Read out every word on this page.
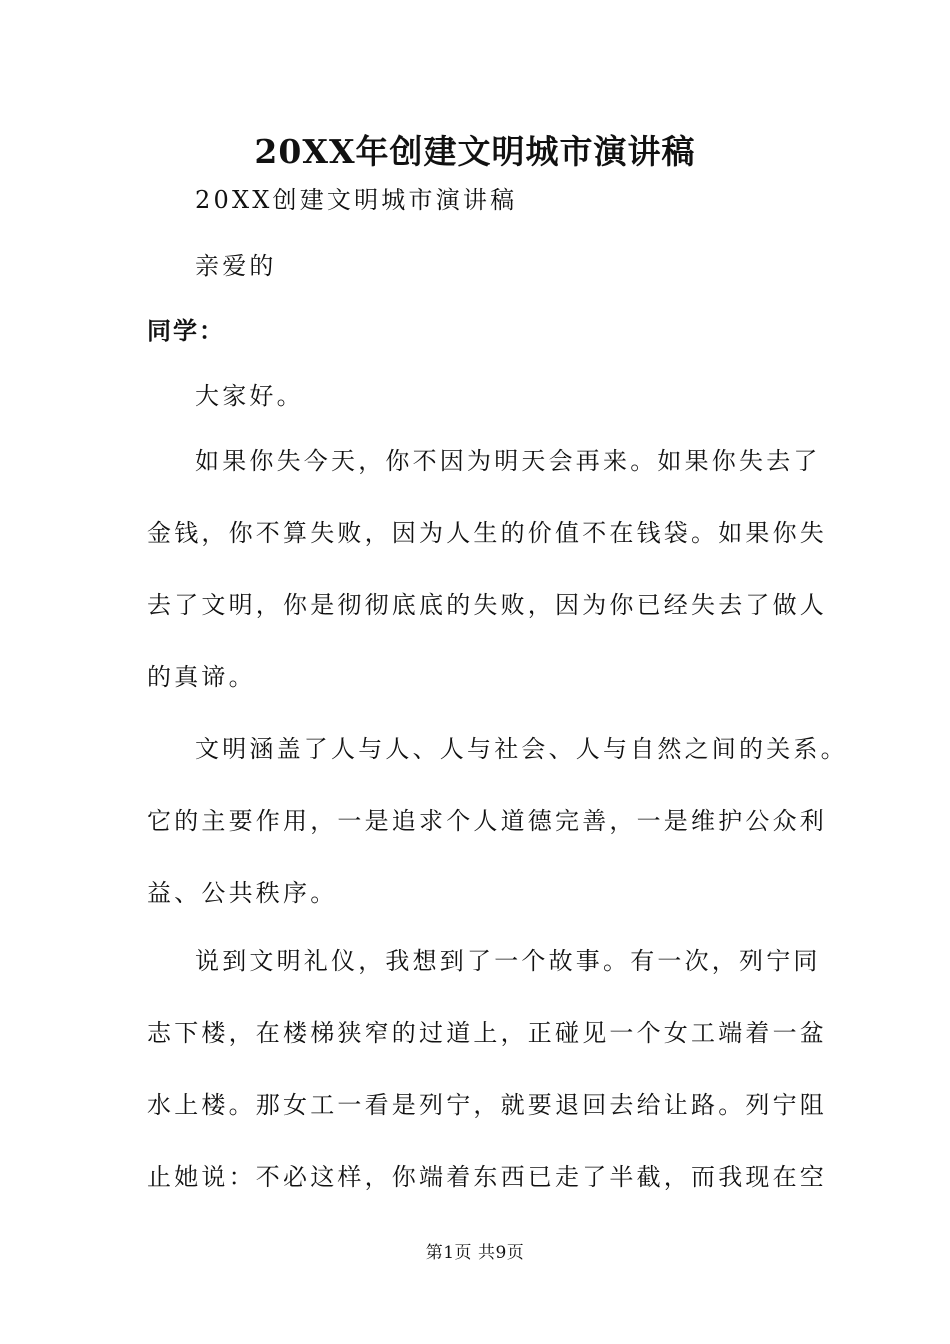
20XX年创建文明城市演讲稿
20XX创建文明城市演讲稿
亲爱的
同学：
大家好。
如果你失今天，你不因为明天会再来。如果你失去了
金钱，你不算失败，因为人生的价值不在钱袋。如果你失
去了文明，你是彻彻底底的失败，因为你已经失去了做人
的真谛。
文明涵盖了人与人、人与社会、人与自然之间的关系。
它的主要作用，一是追求个人道德完善，一是维护公众利
益、公共秩序。
说到文明礼仪，我想到了一个故事。有一次，列宁同
志下楼，在楼梯狭窄的过道上，正碰见一个女工端着一盆
水上楼。那女工一看是列宁，就要退回去给让路。列宁阻
止她说：不必这样，你端着东西已走了半截，而我现在空
第1页 共9页
